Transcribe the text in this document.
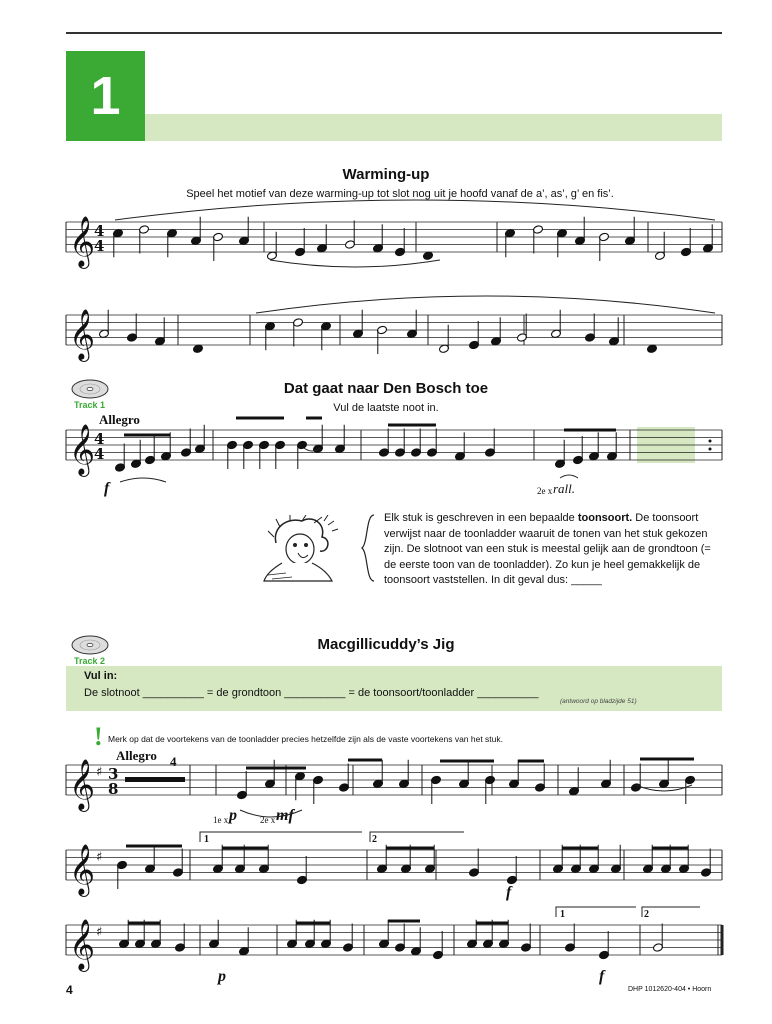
1
Warming-up
Speel het motief van deze warming-up tot slot nog uit je hoofd vanaf de a’, as’, g’ en fis’.
Track 1
Dat gaat naar Den Bosch toe
Vul de laatste noot in.
Allegro
f	2e x rall.
Elk stuk is geschreven in een bepaalde toonsoort. De toonsoort verwijst naar de toonladder waaruit de tonen van het stuk gekozen zijn. De slotnoot van een stuk is meestal gelijk aan de grondtoon (= de eerste toon van de toonladder). Zo kun je heel gemakkelijk de toonsoort vaststellen. In dit geval dus: _____
Track 2
Macgillicuddy’s Jig
Vul in:
De slotnoot __________ = de grondtoon __________ = de toonsoort/toonladder __________
(antwoord op bladzijde 51)
! Merk op dat de voortekens van de toonladder precies hetzelfde zijn als de vaste voortekens van het stuk.
Allegro 4
1e x p	2e x mf
1	2
f
p	f
1	2
4	DHP 1012620-404 • Hoorn
𝄞
4
4
𝄞
𝄞
4
4
𝄞 ♯ 3
8
𝄞 ♯
𝄞 ♯
